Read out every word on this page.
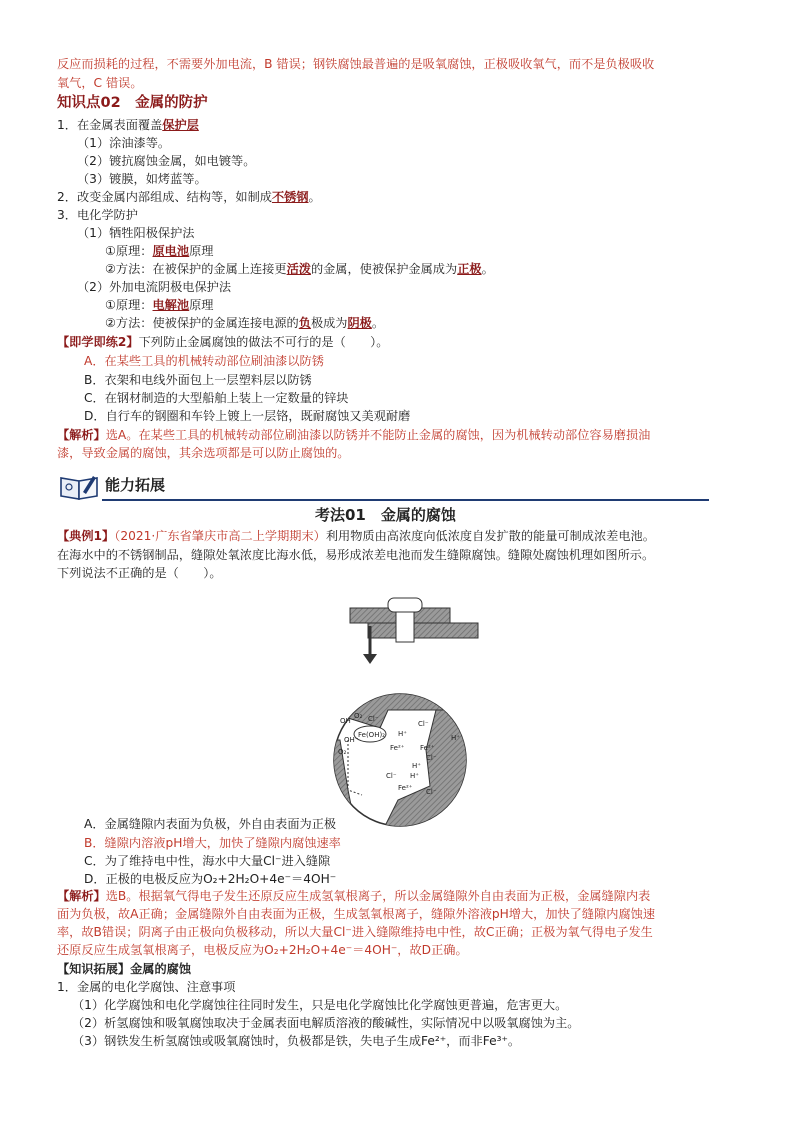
反应而损耗的过程，不需要外加电流，B 错误；钢铁腐蚀最普遍的是吸氧腐蚀，正极吸收氧气，而不是负极吸收
氧气，C 错误。
知识点02　金属的防护
1．在金属表面覆盖保护层
（1）涂油漆等。
（2）镀抗腐蚀金属，如电镀等。
（3）镀膜，如烤蓝等。
2．改变金属内部组成、结构等，如制成不锈钢。
3．电化学防护
（1）牺牲阳极保护法
①原理：原电池原理
②方法：在被保护的金属上连接更活泼的金属，使被保护金属成为正极。
（2）外加电流阴极电保护法
①原理：电解池原理
②方法：使被保护的金属连接电源的负极成为阴极。
【即学即练2】下列防止金属腐蚀的做法不可行的是（　　）。
A．在某些工具的机械转动部位刷油漆以防锈
B．衣架和电线外面包上一层塑料层以防锈
C．在钢材制造的大型船舶上装上一定数量的锌块
D．自行车的钢圈和车铃上镀上一层铬，既耐腐蚀又美观耐磨
【解析】选A。在某些工具的机械转动部位刷油漆以防锈并不能防止金属的腐蚀，因为机械转动部位容易磨损油
漆，导致金属的腐蚀，其余选项都是可以防止腐蚀的。
能力拓展
考法01　金属的腐蚀
【典例1】（2021·广东省肇庆市高二上学期期末）利用物质由高浓度向低浓度自发扩散的能量可制成浓差电池。
在海水中的不锈钢制品，缝隙处氧浓度比海水低，易形成浓差电池而发生缝隙腐蚀。缝隙处腐蚀机理如图所示。
下列说法不正确的是（　　）。
O₂
OH⁻
OH⁻
Cl⁻
O₂
Fe(OH)₂ H⁺
Cl⁻
Fe²⁺
Fe²⁺
Cl⁻
H⁺
Cl⁻ H⁺
Fe²⁺ Cl⁻
H⁺
A．金属缝隙内表面为负极，外自由表面为正极
B．缝隙内溶液pH增大，加快了缝隙内腐蚀速率
C．为了维持电中性，海水中大量Cl⁻进入缝隙
D．正极的电极反应为O₂+2H₂O+4e⁻＝4OH⁻
【解析】选B。根据氧气得电子发生还原反应生成氢氧根离子，所以金属缝隙外自由表面为正极，金属缝隙内表
面为负极，故A正确；金属缝隙外自由表面为正极，生成氢氧根离子，缝隙外溶液pH增大，加快了缝隙内腐蚀速
率，故B错误；阴离子由正极向负极移动，所以大量Cl⁻进入缝隙维持电中性，故C正确；正极为氧气得电子发生
还原反应生成氢氧根离子，电极反应为O₂+2H₂O+4e⁻＝4OH⁻，故D正确。
【知识拓展】金属的腐蚀
1．金属的电化学腐蚀、注意事项
（1）化学腐蚀和电化学腐蚀往往同时发生，只是电化学腐蚀比化学腐蚀更普遍，危害更大。
（2）析氢腐蚀和吸氧腐蚀取决于金属表面电解质溶液的酸碱性，实际情况中以吸氧腐蚀为主。
（3）钢铁发生析氢腐蚀或吸氧腐蚀时，负极都是铁，失电子生成Fe²⁺，而非Fe³⁺。
